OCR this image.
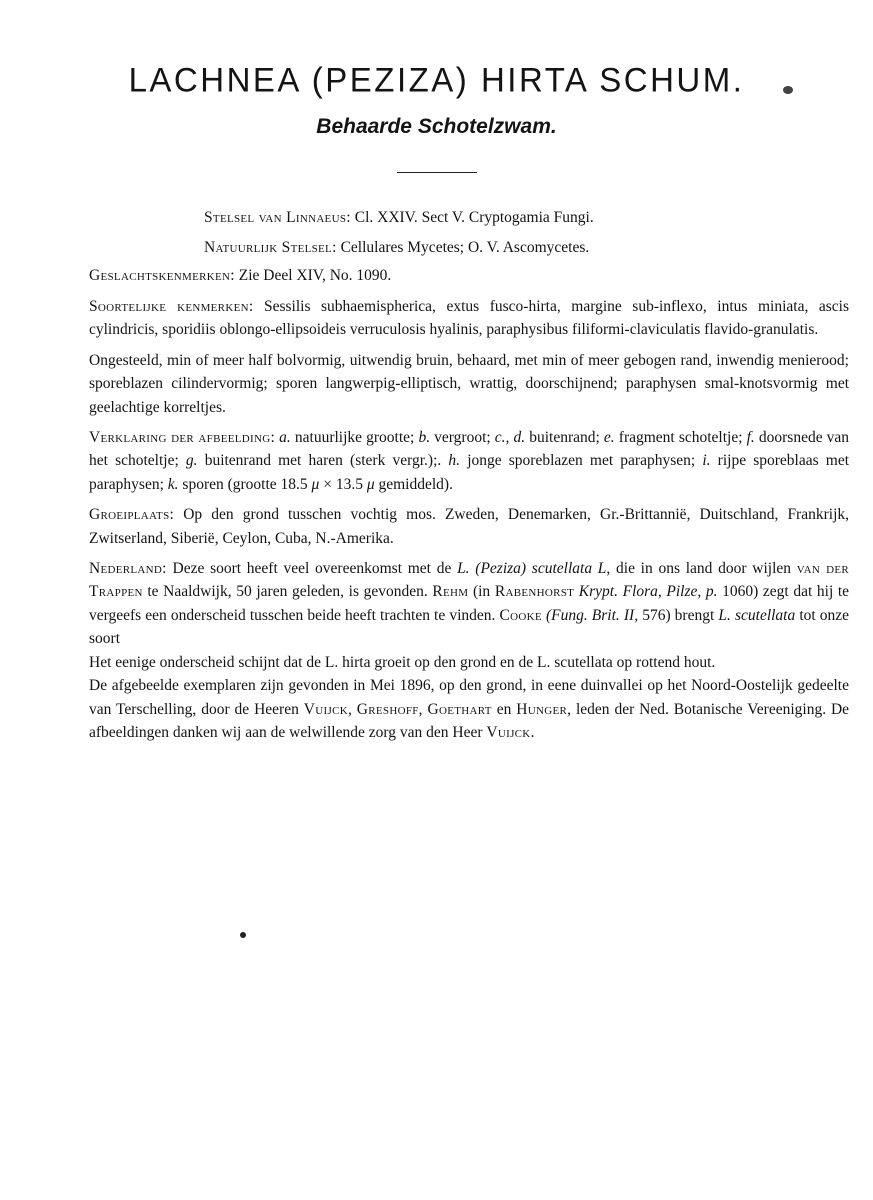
LACHNEA (PEZIZA) HIRTA SCHUM.
Behaarde Schotelzwam.
Stelsel van Linnaeus: Cl. XXIV. Sect V. Cryptogamia Fungi.
Natuurlijk Stelsel: Cellulares Mycetes; O. V. Ascomycetes.
Geslachtskenmerken: Zie Deel XIV, No. 1090.

Soortelijke kenmerken: Sessilis subhaemispherica, extus fusco-hirta, margine sub-inflexo, intus miniata, ascis cylindricis, sporidiis oblongo-ellipsoideis verruculosis hyalinis, paraphysibus filiformi-claviculatis flavido-granulatis.

Ongesteeld, min of meer half bolvormig, uitwendig bruin, behaard, met min of meer gebogen rand, inwendig menierood; sporeblazen cilindervormig; sporen langwerpig-elliptisch, wrattig, doorschijnend; paraphysen smal-knotsvormig met geelachtige korreltjes.

Verklaring der afbeelding: a. natuurlijke grootte; b. vergroot; c., d. buitenrand; e. fragment schoteltje; f. doorsnede van het schoteltje; g. buitenrand met haren (sterk vergr.);. h. jonge sporeblazen met paraphysen; i. rijpe sporeblaas met paraphysen; k. sporen (grootte 18.5 μ × 13.5 μ gemiddeld).

Groeiplaats: Op den grond tusschen vochtig mos. Zweden, Denemarken, Gr.-Brittannië, Duitschland, Frankrijk, Zwitserland, Siberië, Ceylon, Cuba, N.-Amerika.

Nederland: Deze soort heeft veel overeenkomst met de L. (Peziza) scutellata L, die in ons land door wijlen van der Trappen te Naaldwijk, 50 jaren geleden, is gevonden. Rehm (in Rabenhorst Krypt. Flora, Pilze, p. 1060) zegt dat hij te vergeefs een onderscheid tusschen beide heeft trachten te vinden. Cooke (Fung. Brit. II, 576) brengt L. scutellata tot onze soort

Het eenige onderscheid schijnt dat de L. hirta groeit op den grond en de L. scutellata op rottend hout.

De afgebeelde exemplaren zijn gevonden in Mei 1896, op den grond, in eene duinvallei op het Noord-Oostelijk gedeelte van Terschelling, door de Heeren Vuijck, Greshoff, Goethart en Hunger, leden der Ned. Botanische Vereeniging. De afbeeldingen danken wij aan de welwillende zorg van den Heer Vuijck.
